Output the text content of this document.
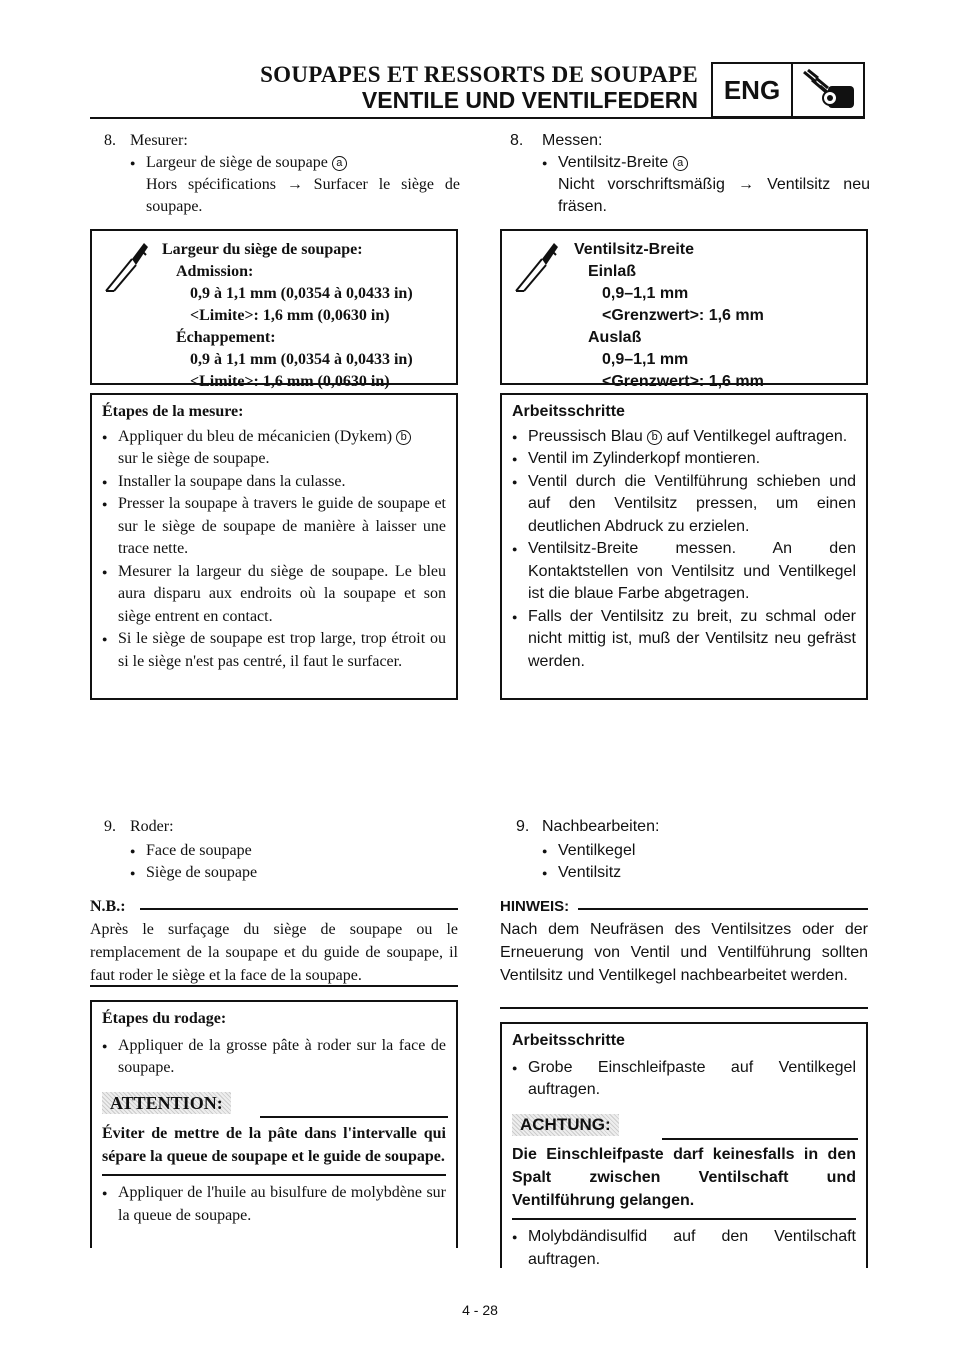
SOUPAPES ET RESSORTS DE SOUPAPE
VENTILE UND VENTILFEDERN ENG
8. Mesurer:
● Largeur de siège de soupape a
Hors spécifications → Surfacer le siège de soupape.
Largeur du siège de soupape:
Admission:
0,9 à 1,1 mm (0,0354 à 0,0433 in)
<Limite>: 1,6 mm (0,0630 in)
Échappement:
0,9 à 1,1 mm (0,0354 à 0,0433 in)
<Limite>: 1,6 mm (0,0630 in)
Étapes de la mesure:
● Appliquer du bleu de mécanicien (Dykem) b
sur le siège de soupape.
● Installer la soupape dans la culasse.
● Presser la soupape à travers le guide de soupape et sur le siège de soupape de manière à laisser une trace nette.
● Mesurer la largeur du siège de soupape. Le bleu aura disparu aux endroits où la soupape et son siège entrent en contact.
● Si le siège de soupape est trop large, trop étroit ou si le siège n'est pas centré, il faut le surfacer.
9. Roder:
● Face de soupape
● Siège de soupape
N.B.:
Après le surfaçage du siège de soupape ou le remplacement de la soupape et du guide de soupape, il faut roder le siège et la face de la soupape.
Étapes du rodage:
● Appliquer de la grosse pâte à roder sur la face de soupape.
ATTENTION:
Éviter de mettre de la pâte dans l'intervalle qui sépare la queue de soupape et le guide de soupape.
● Appliquer de l'huile au bisulfure de molybdène sur la queue de soupape.
8. Messen:
● Ventilsitz-Breite a
Nicht vorschriftsmäßig → Ventilsitz neu fräsen.
Ventilsitz-Breite
Einlaß
0,9–1,1 mm
<Grenzwert>: 1,6 mm
Auslaß
0,9–1,1 mm
<Grenzwert>: 1,6 mm
Arbeitsschritte
● Preussisch Blau b auf Ventilkegel auftragen.
● Ventil im Zylinderkopf montieren.
● Ventil durch die Ventilführung schieben und auf den Ventilsitz pressen, um einen deutlichen Abdruck zu erzielen.
● Ventilsitz-Breite messen. An den Kontaktstellen von Ventilsitz und Ventilkegel ist die blaue Farbe abgetragen.
● Falls der Ventilsitz zu breit, zu schmal oder nicht mittig ist, muß der Ventilsitz neu gefräst werden.
9. Nachbearbeiten:
● Ventilkegel
● Ventilsitz
HINWEIS:
Nach dem Neufräsen des Ventilsitzes oder der Erneuerung von Ventil und Ventilführung sollten Ventilsitz und Ventilkegel nachbearbeitet werden.
Arbeitsschritte
● Grobe Einschleifpaste auf Ventilkegel auftragen.
ACHTUNG:
Die Einschleifpaste darf keinesfalls in den Spalt zwischen Ventilschaft und Ventilführung gelangen.
● Molybdändisulfid auf den Ventilschaft auftragen.
4 - 28
